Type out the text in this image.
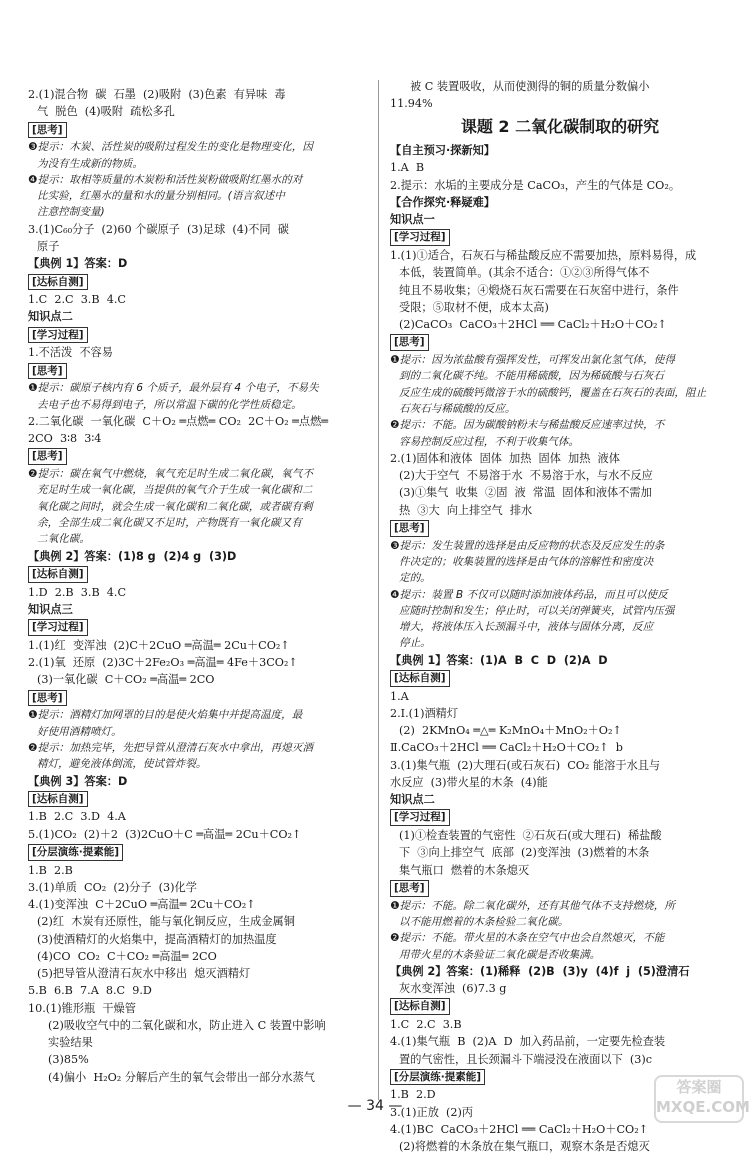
2.(1)混合物  碳  石墨  (2)吸附  (3)色素  有异味  毒
气  脱色  (4)吸附  疏松多孔
[思考]

❸提示：木炭、活性炭的吸附过程发生的变化是物理变化，因
为没有生成新的物质。
❹提示：取相等质量的木炭粉和活性炭粉做吸附红墨水的对
比实验，红墨水的量和水的量分别相同。(语言叙述中
注意控制变量)
3.(1)C₆₀分子  (2)60 个碳原子  (3)足球  (4)不同  碳
原子
【典例 1】答案：D
[达标自测]

1.C  2.C  3.B  4.C
知识点二
[学习过程]

1.不活泼  不容易
[思考]

❶提示：碳原子核内有 6 个质子，最外层有 4 个电子，不易失
去电子也不易得到电子，所以常温下碳的化学性质稳定。
2.二氧化碳  一氧化碳  C＋O₂ ═点燃═ CO₂  2C＋O₂ ═点燃═
2CO  3∶8  3∶4
[思考]

❷提示：碳在氧气中燃烧，氧气充足时生成二氧化碳，氧气不
充足时生成一氧化碳，当提供的氧气介于生成一氧化碳和二
氧化碳之间时，就会生成一氧化碳和二氧化碳，或者碳有剩
余，全部生成二氧化碳又不足时，产物既有一氧化碳又有
二氧化碳。
【典例 2】答案：(1)8 g  (2)4 g  (3)D
[达标自测]

1.D  2.B  3.B  4.C
知识点三
[学习过程]

1.(1)红  变浑浊  (2)C＋2CuO ═高温═ 2Cu＋CO₂↑
2.(1)氧  还原  (2)3C＋2Fe₂O₃ ═高温═ 4Fe＋3CO₂↑
(3)一氧化碳  C＋CO₂ ═高温═ 2CO
[思考]

❶提示：酒精灯加网罩的目的是使火焰集中并提高温度，最
好使用酒精喷灯。
❷提示：加热完毕，先把导管从澄清石灰水中拿出，再熄灭酒
精灯，避免液体倒流，使试管炸裂。
【典例 3】答案：D
[达标自测]

1.B  2.C  3.D  4.A
5.(1)CO₂  (2)＋2  (3)2CuO＋C ═高温═ 2Cu＋CO₂↑
[分层演练·提素能]

1.B  2.B
3.(1)单质  CO₂  (2)分子  (3)化学
4.(1)变浑浊  C＋2CuO ═高温═ 2Cu＋CO₂↑
(2)红  木炭有还原性，能与氧化铜反应，生成金属铜
(3)使酒精灯的火焰集中，提高酒精灯的加热温度
(4)CO  CO₂  C＋CO₂ ═高温═ 2CO
(5)把导管从澄清石灰水中移出  熄灭酒精灯
5.B  6.B  7.A  8.C  9.D
10.(1)锥形瓶  干燥管
(2)吸收空气中的二氧化碳和水，防止进入 C 装置中影响
实验结果
(3)85%
(4)偏小  H₂O₂ 分解后产生的氧气会带出一部分水蒸气
被 C 装置吸收，从而使测得的铜的质量分数偏小
11.94%
课题 2 二氧化碳制取的研究
【自主预习·探新知】
1.A  B
2.提示：水垢的主要成分是 CaCO₃，产生的气体是 CO₂。
【合作探究·释疑难】
知识点一
[学习过程]

1.(1)①适合，石灰石与稀盐酸反应不需要加热，原料易得，成
本低，装置简单。(其余不适合：①②③所得气体不
纯且不易收集；④煅烧石灰石需要在石灰窑中进行，条件
受限；⑤取材不便，成本太高)
(2)CaCO₃  CaCO₃＋2HCl ══ CaCl₂＋H₂O＋CO₂↑
[思考]

❶提示：因为浓盐酸有强挥发性，可挥发出氯化氢气体，使得
到的二氧化碳不纯。不能用稀硫酸，因为稀硫酸与石灰石
反应生成的硫酸钙微溶于水的硫酸钙，覆盖在石灰石的表面，阻止
石灰石与稀硫酸的反应。
❷提示：不能。因为碳酸钠粉末与稀盐酸反应速率过快，不
容易控制反应过程，不利于收集气体。
2.(1)固体和液体  固体  加热  固体  加热  液体
(2)大于空气  不易溶于水  不易溶于水，与水不反应
(3)①集气  收集  ②固  液  常温  固体和液体不需加
热  ③大  向上排空气  排水
[思考]

❸提示：发生装置的选择是由反应物的状态及反应发生的条
件决定的；收集装置的选择是由气体的溶解性和密度决
定的。
❹提示：装置 B 不仅可以随时添加液体药品，而且可以使反
应随时控制和发生；停止时，可以关闭弹簧夹，试管内压强
增大，将液体压入长颈漏斗中，液体与固体分离，反应
停止。
【典例 1】答案：(1)A  B  C  D  (2)A  D
[达标自测]

1.A
2.Ⅰ.(1)酒精灯
(2)  2KMnO₄ ═△═ K₂MnO₄＋MnO₂＋O₂↑
Ⅱ.CaCO₃＋2HCl ══ CaCl₂＋H₂O＋CO₂↑  b
3.(1)集气瓶  (2)大理石(或石灰石)  CO₂ 能溶于水且与
水反应  (3)带火星的木条  (4)能
知识点二
[学习过程]

(1)①检查装置的气密性  ②石灰石(或大理石)  稀盐酸
下  ③向上排空气  底部  (2)变浑浊  (3)燃着的木条
集气瓶口  燃着的木条熄灭
[思考]

❶提示：不能。除二氧化碳外，还有其他气体不支持燃烧，所
以不能用燃着的木条检验二氧化碳。
❷提示：不能。带火星的木条在空气中也会自然熄灭，不能
用带火星的木条验证二氧化碳是否收集满。
【典例 2】答案：(1)稀释  (2)B  (3)y  (4)f  j  (5)澄清石
灰水变浑浊  (6)7.3 g
[达标自测]

1.C  2.C  3.B
4.(1)集气瓶  B  (2)A  D  加入药品前，一定要先检查装
置的气密性，且长颈漏斗下端浸没在液面以下  (3)c
[分层演练·提素能]

1.B  2.D
3.(1)正放  (2)丙
4.(1)BC  CaCO₃＋2HCl ══ CaCl₂＋H₂O＋CO₂↑
(2)将燃着的木条放在集气瓶口，观察木条是否熄灭
— 34 —
答案圈
MXQE.COM
